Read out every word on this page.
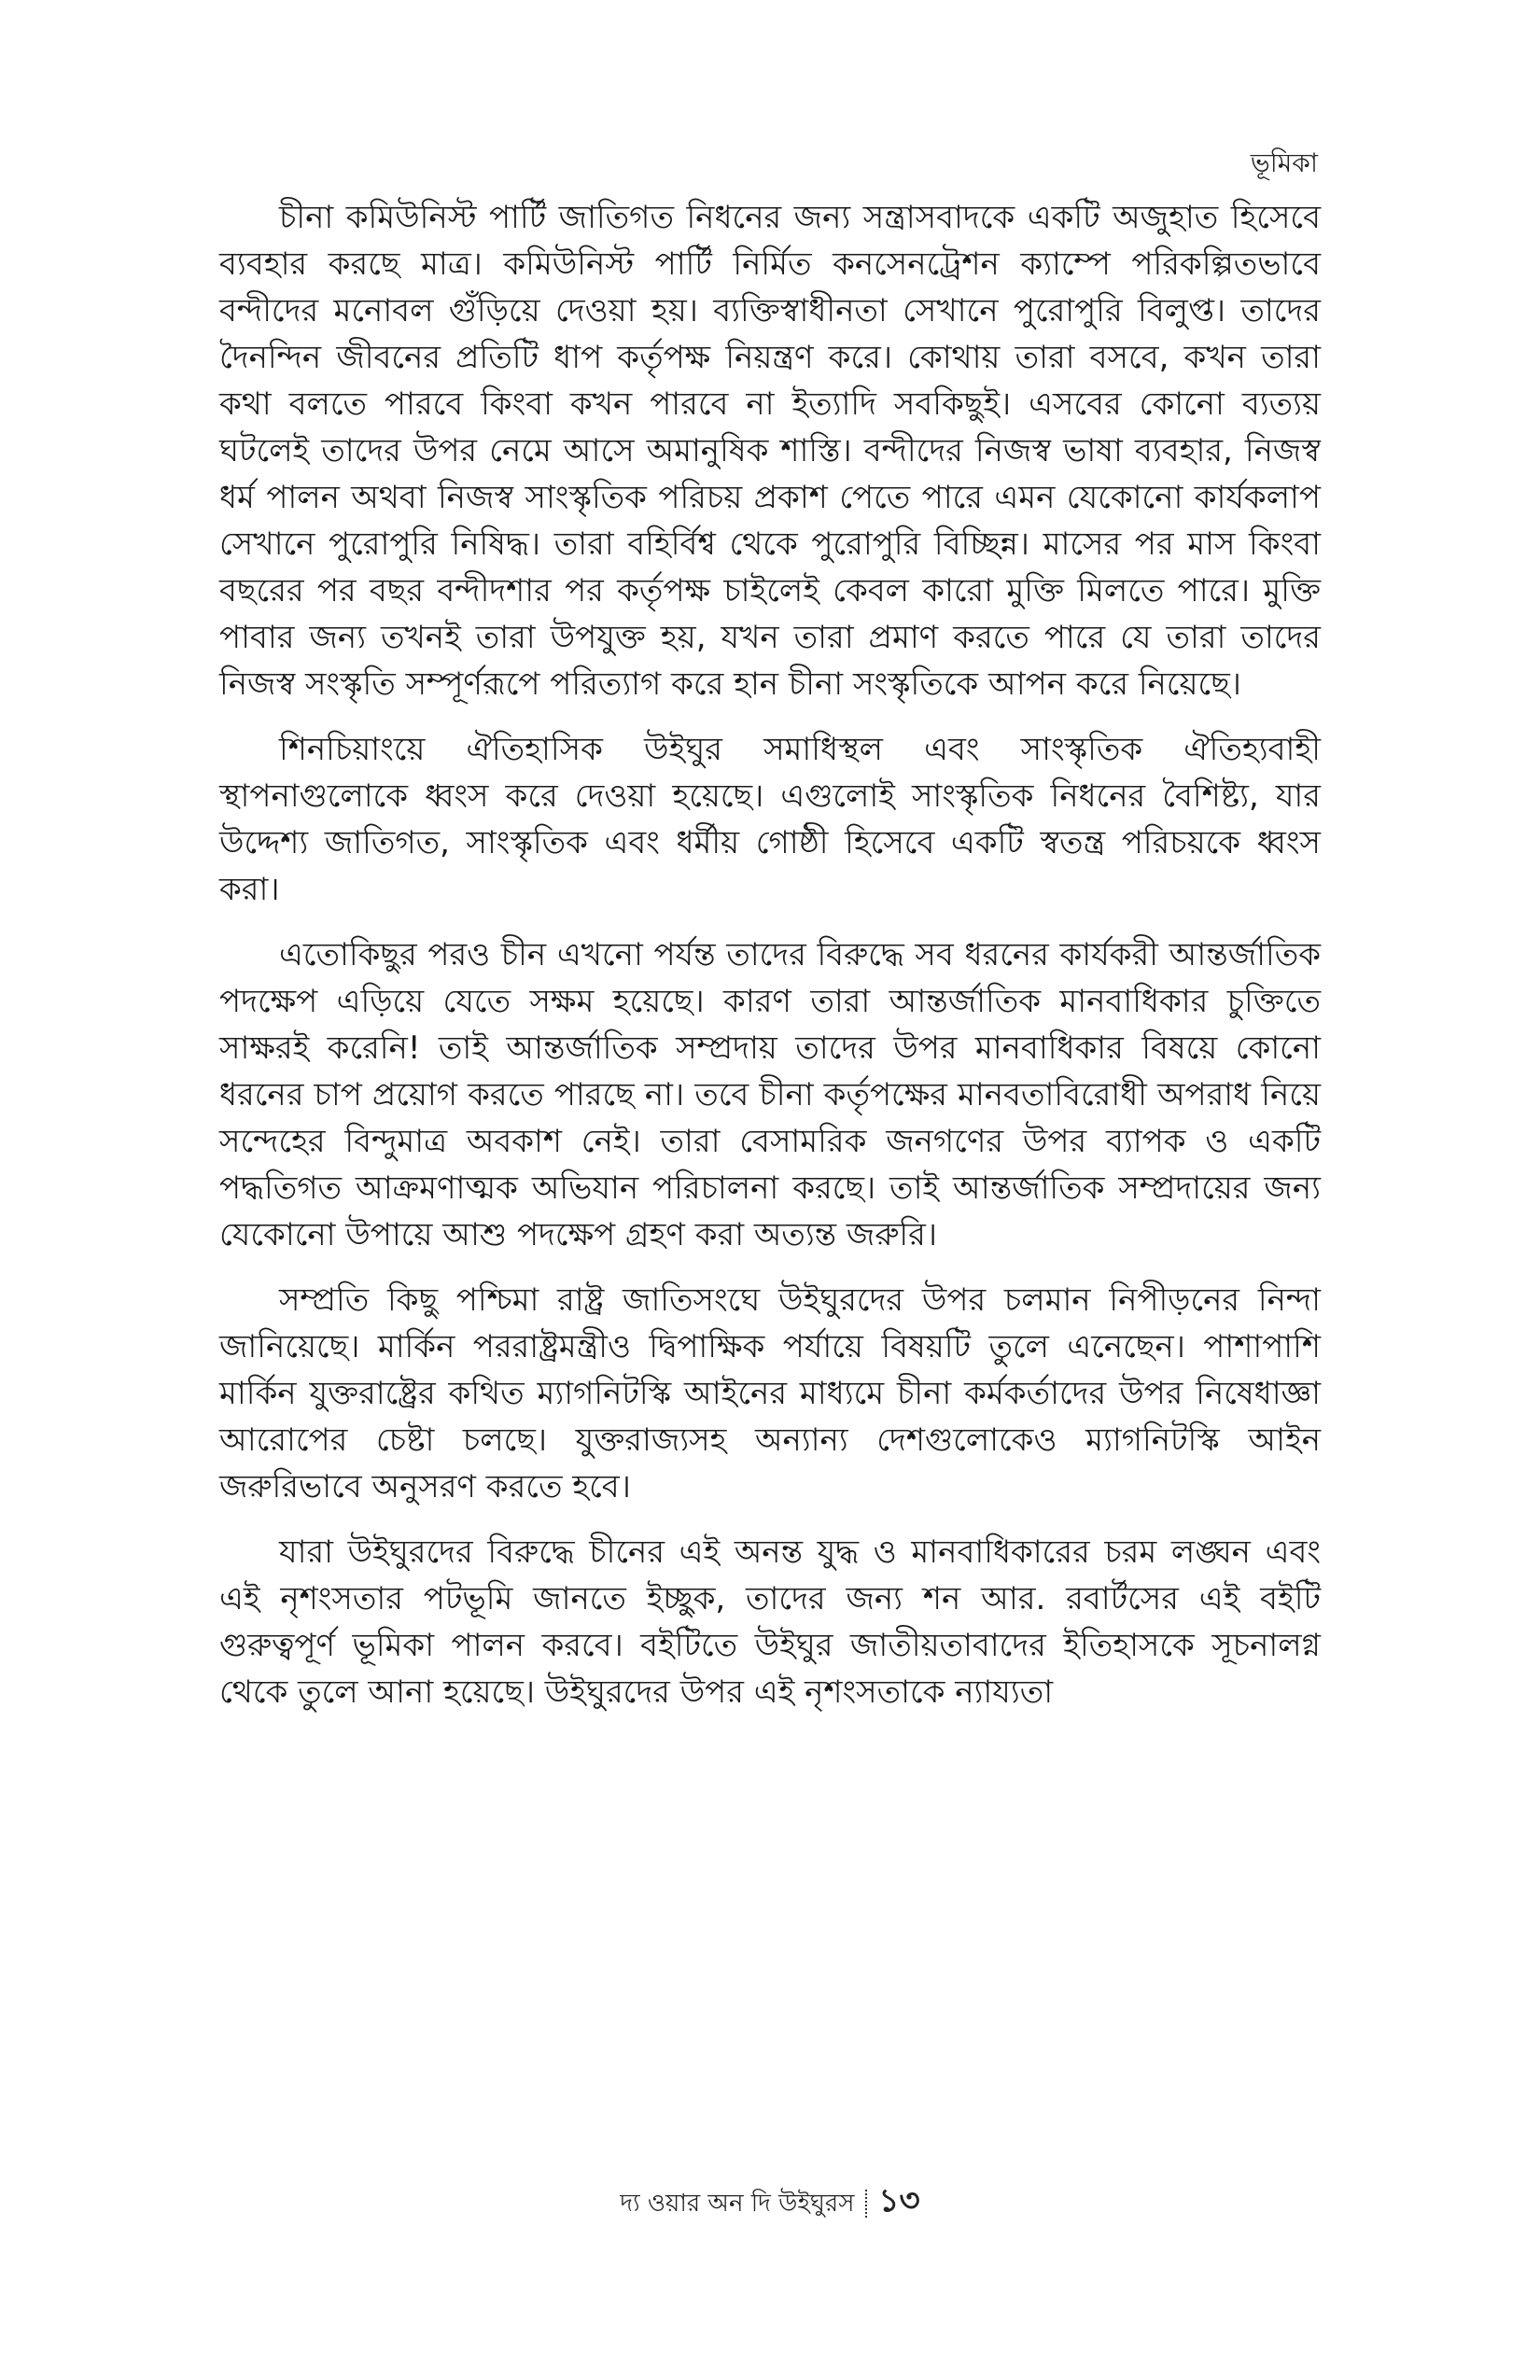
ভূমিকা

চীনা কমিউনিস্ট পার্টি জাতিগত নিধনের জন্য সন্ত্রাসবাদকে একটি অজুহাত হিসেবে ব্যবহার করছে মাত্র। কমিউনিস্ট পার্টি নির্মিত কনসেনট্রেশন ক্যাম্পে পরিকল্পিতভাবে বন্দীদের মনোবল গুঁড়িয়ে দেওয়া হয়। ব্যক্তিস্বাধীনতা সেখানে পুরোপুরি বিলুপ্ত। তাদের দৈনন্দিন জীবনের প্রতিটি ধাপ কর্তৃপক্ষ নিয়ন্ত্রণ করে। কোথায় তারা বসবে, কখন তারা কথা বলতে পারবে কিংবা কখন পারবে না ইত্যাদি সবকিছুই। এসবের কোনো ব্যত্যয় ঘটলেই তাদের উপর নেমে আসে অমানুষিক শাস্তি। বন্দীদের নিজস্ব ভাষা ব্যবহার, নিজস্ব ধর্ম পালন অথবা নিজস্ব সাংস্কৃতিক পরিচয় প্রকাশ পেতে পারে এমন যেকোনো কার্যকলাপ সেখানে পুরোপুরি নিষিদ্ধ। তারা বহির্বিশ্ব থেকে পুরোপুরি বিচ্ছিন্ন। মাসের পর মাস কিংবা বছরের পর বছর বন্দীদশার পর কর্তৃপক্ষ চাইলেই কেবল কারো মুক্তি মিলতে পারে। মুক্তি পাবার জন্য তখনই তারা উপযুক্ত হয়, যখন তারা প্রমাণ করতে পারে যে তারা তাদের নিজস্ব সংস্কৃতি সম্পূর্ণরূপে পরিত্যাগ করে হান চীনা সংস্কৃতিকে আপন করে নিয়েছে।

শিনচিয়াংয়ে ঐতিহাসিক উইঘুর সমাধিস্থল এবং সাংস্কৃতিক ঐতিহ্যবাহী স্থাপনাগুলোকে ধ্বংস করে দেওয়া হয়েছে। এগুলোই সাংস্কৃতিক নিধনের বৈশিষ্ট্য, যার উদ্দেশ্য জাতিগত, সাংস্কৃতিক এবং ধর্মীয় গোষ্ঠী হিসেবে একটি স্বতন্ত্র পরিচয়কে ধ্বংস করা।

এতোকিছুর পরও চীন এখনো পর্যন্ত তাদের বিরুদ্ধে সব ধরনের কার্যকরী আন্তর্জাতিক পদক্ষেপ এড়িয়ে যেতে সক্ষম হয়েছে। কারণ তারা আন্তর্জাতিক মানবাধিকার চুক্তিতে সাক্ষরই করেনি! তাই আন্তর্জাতিক সম্প্রদায় তাদের উপর মানবাধিকার বিষয়ে কোনো ধরনের চাপ প্রয়োগ করতে পারছে না। তবে চীনা কর্তৃপক্ষের মানবতাবিরোধী অপরাধ নিয়ে সন্দেহের বিন্দুমাত্র অবকাশ নেই। তারা বেসামরিক জনগণের উপর ব্যাপক ও একটি পদ্ধতিগত আক্রমণাত্মক অভিযান পরিচালনা করছে। তাই আন্তর্জাতিক সম্প্রদায়ের জন্য যেকোনো উপায়ে আশু পদক্ষেপ গ্রহণ করা অত্যন্ত জরুরি।

সম্প্রতি কিছু পশ্চিমা রাষ্ট্র জাতিসংঘে উইঘুরদের উপর চলমান নিপীড়নের নিন্দা জানিয়েছে। মার্কিন পররাষ্ট্রমন্ত্রীও দ্বিপাক্ষিক পর্যায়ে বিষয়টি তুলে এনেছেন। পাশাপাশি মার্কিন যুক্তরাষ্ট্রের কথিত ম্যাগনিটস্কি আইনের মাধ্যমে চীনা কর্মকর্তাদের উপর নিষেধাজ্ঞা আরোপের চেষ্টা চলছে। যুক্তরাজ্যসহ অন্যান্য দেশগুলোকেও ম্যাগনিটস্কি আইন জরুরিভাবে অনুসরণ করতে হবে।

যারা উইঘুরদের বিরুদ্ধে চীনের এই অনন্ত যুদ্ধ ও মানবাধিকারের চরম লঙ্ঘন এবং এই নৃশংসতার পটভূমি জানতে ইচ্ছুক, তাদের জন্য শন আর. রবার্টসের এই বইটি গুরুত্বপূর্ণ ভূমিকা পালন করবে। বইটিতে উইঘুর জাতীয়তাবাদের ইতিহাসকে সূচনালগ্ন থেকে তুলে আনা হয়েছে। উইঘুরদের উপর এই নৃশংসতাকে ন্যায্যতা

দ্য ওয়ার অন দি উইঘুরস ১৩
